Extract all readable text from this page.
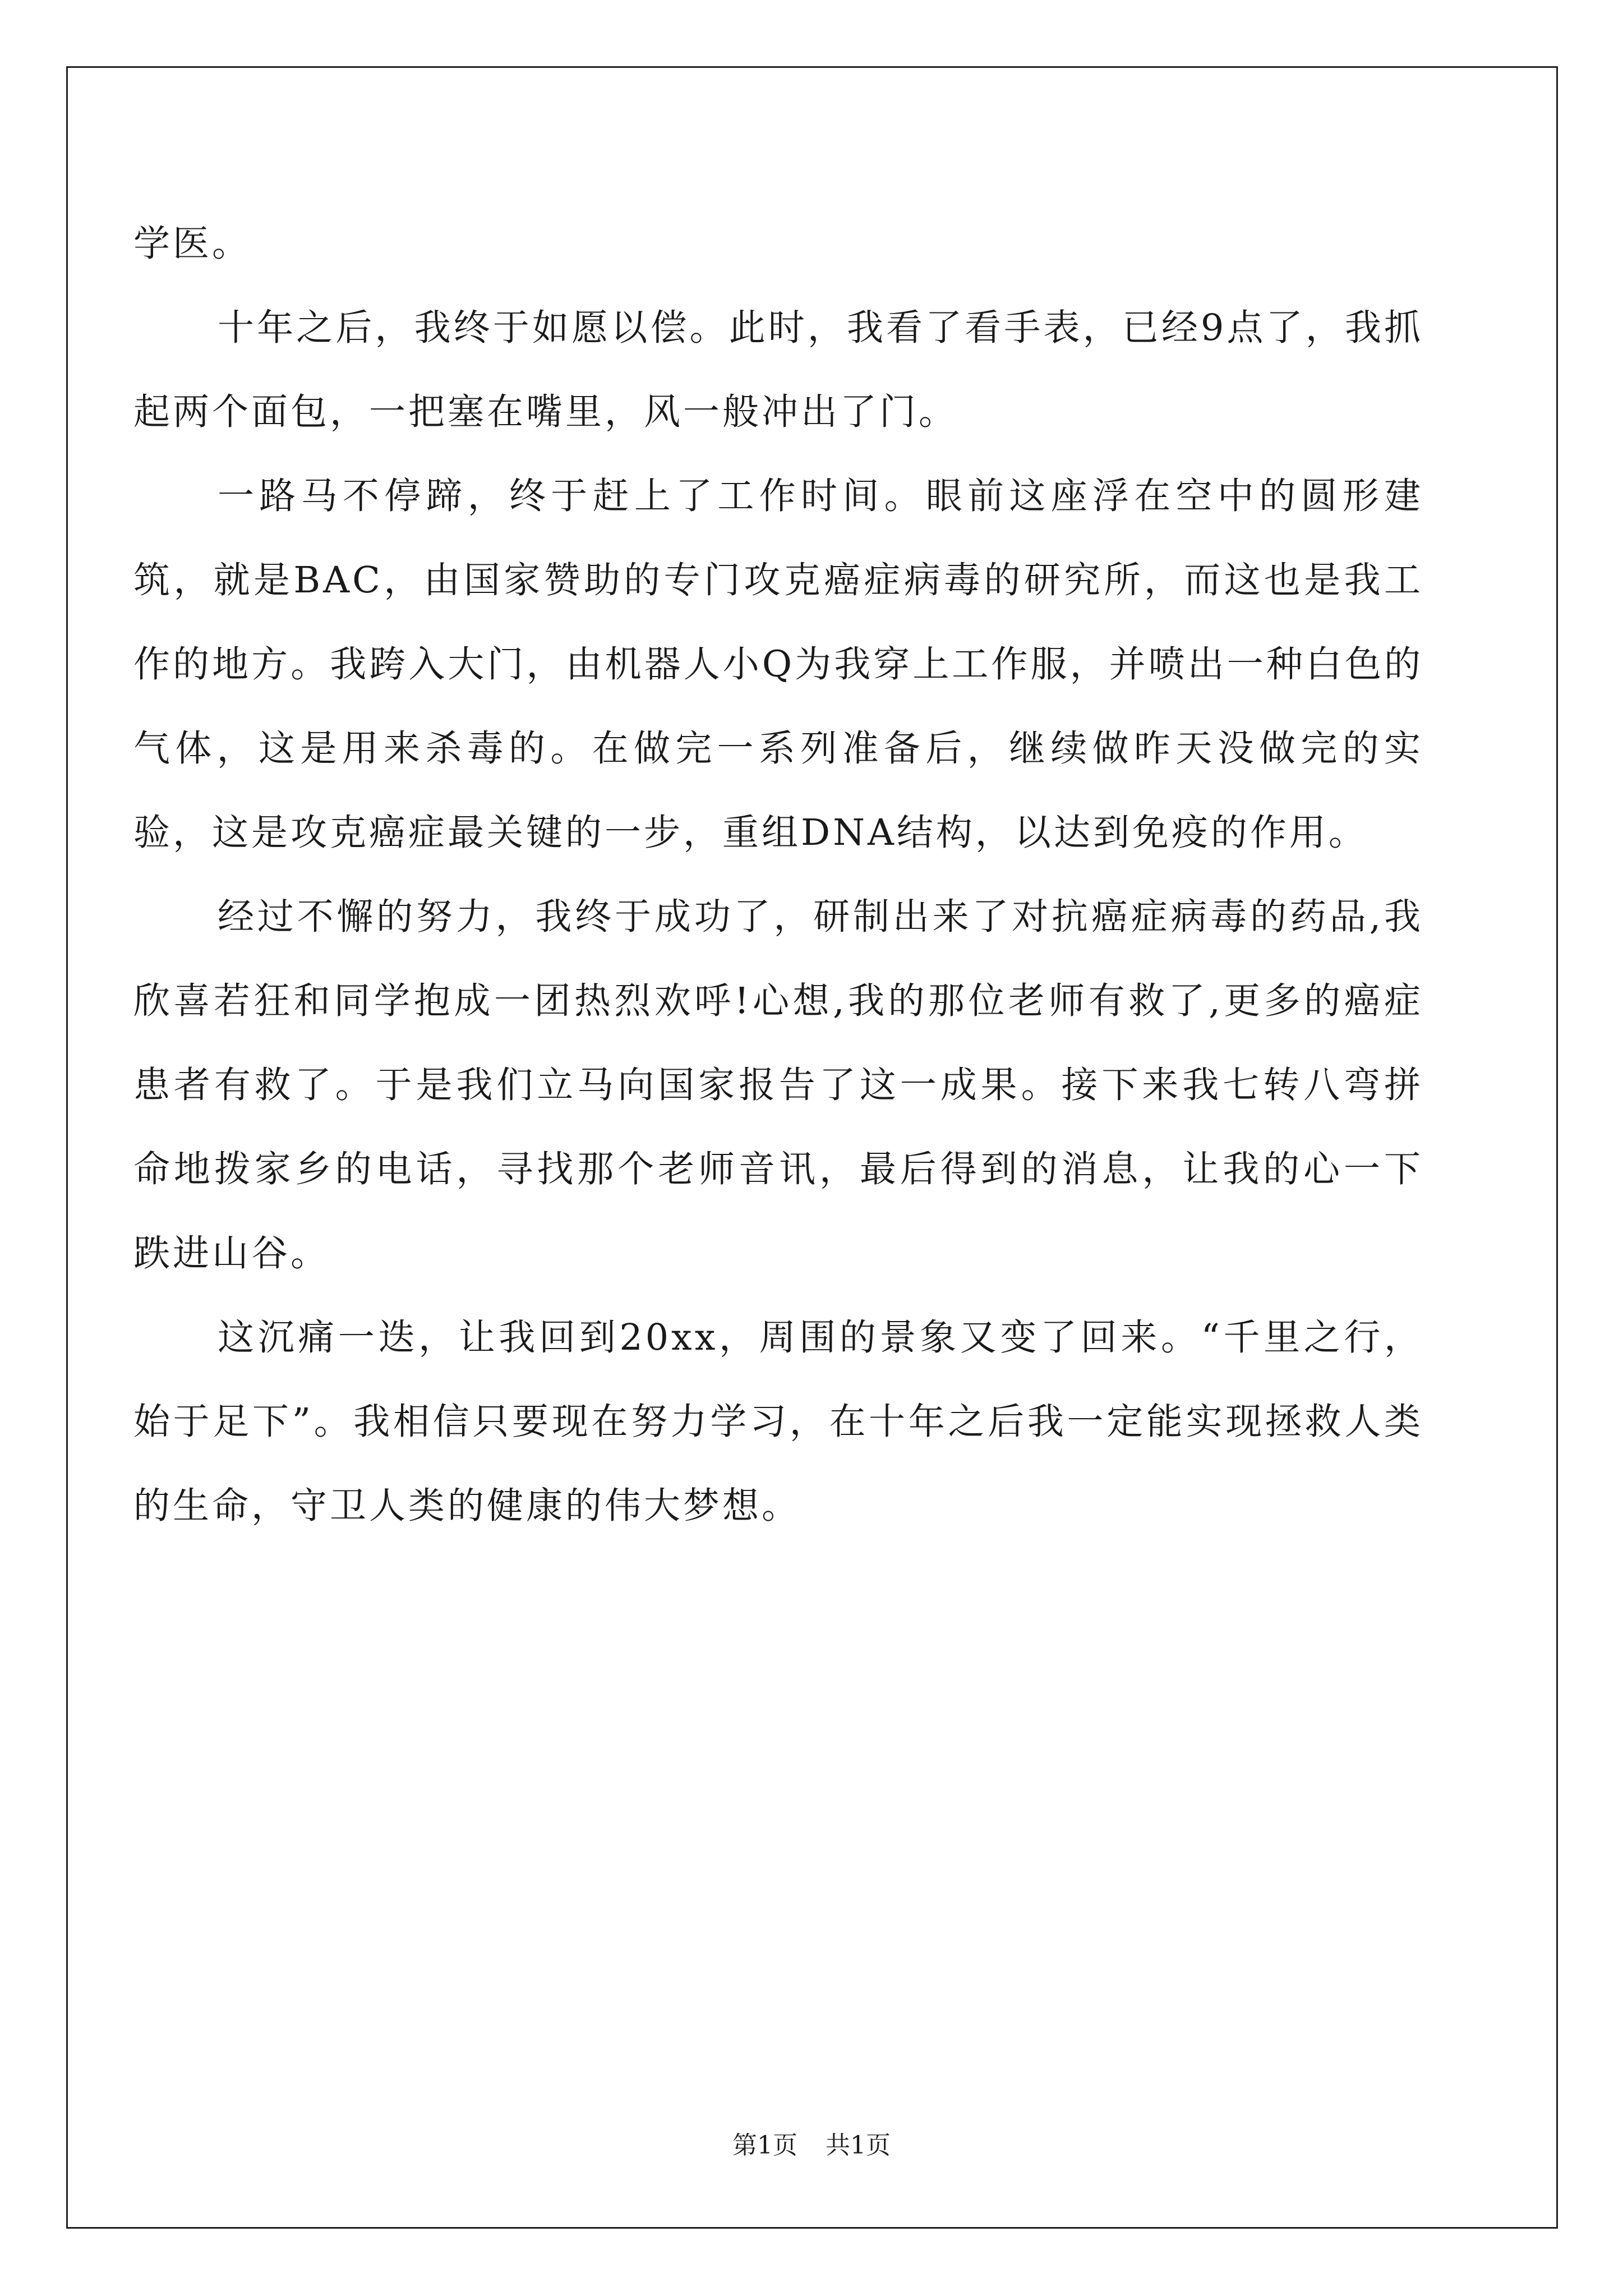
学医。

十年之后，我终于如愿以偿。此时，我看了看手表，已经9点了，我抓起两个面包，一把塞在嘴里，风一般冲出了门。

一路马不停蹄，终于赶上了工作时间。眼前这座浮在空中的圆形建筑，就是BAC，由国家赞助的专门攻克癌症病毒的研究所，而这也是我工作的地方。我跨入大门，由机器人小Q为我穿上工作服，并喷出一种白色的气体，这是用来杀毒的。在做完一系列准备后，继续做昨天没做完的实验，这是攻克癌症最关键的一步，重组DNA结构，以达到免疫的作用。

经过不懈的努力，我终于成功了，研制出来了对抗癌症病毒的药品,我欣喜若狂和同学抱成一团热烈欢呼!心想,我的那位老师有救了,更多的癌症患者有救了。于是我们立马向国家报告了这一成果。接下来我七转八弯拼命地拨家乡的电话，寻找那个老师音讯，最后得到的消息，让我的心一下跌进山谷。

这沉痛一迭，让我回到20xx，周围的景象又变了回来。“千里之行，始于足下”。我相信只要现在努力学习，在十年之后我一定能实现拯救人类的生命，守卫人类的健康的伟大梦想。

第1页 共1页
